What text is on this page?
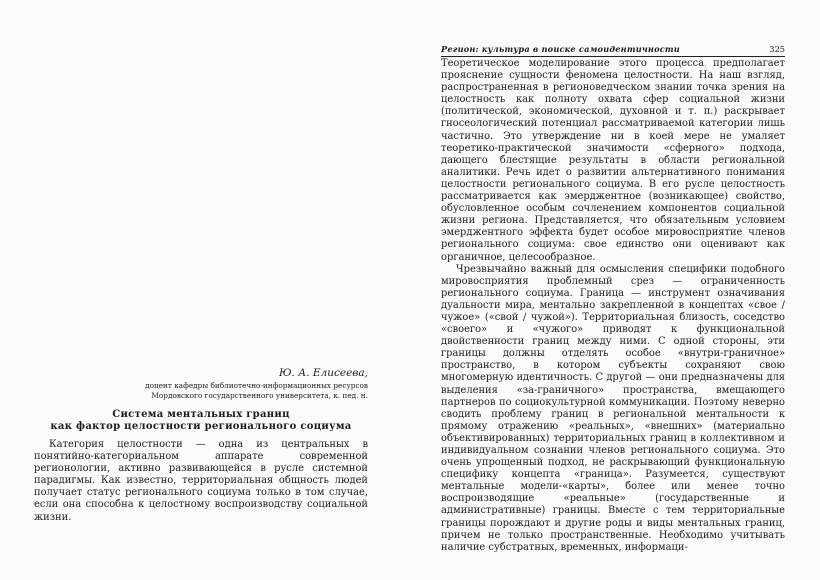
Ю. А. Елисеева,
доцент кафедры библиотечно-информационных ресурсов
Мордовского государственного университета, к. пед. н.
Система ментальных границ
как фактор целостности регионального социума

Категория целостности — одна из центральных в понятийно-категориальном аппарате современной регионологии, активно развивающейся в русле системной парадигмы. Как известно, территориальная общность людей получает статус регионального социума только в том случае, если она способна к целостному воспроизводству социальной жизни.

Регион: культура в поиске самоидентичности	325

Теоретическое моделирование этого процесса предполагает прояснение сущности феномена целостности. На наш взгляд, распространенная в регионоведческом знании точка зрения на целостность как полноту охвата сфер социальной жизни (политической, экономической, духовной и т. п.) раскрывает гносеологический потенциал рассматриваемой категории лишь частично. Это утверждение ни в коей мере не умаляет теоретико-практической значимости «сферного» подхода, дающего блестящие результаты в области региональной аналитики. Речь идет о развитии альтернативного понимания целостности регионального социума. В его русле целостность рассматривается как эмерджентное (возникающее) свойство, обусловленное особым сочленением компонентов социальной жизни региона. Представляется, что обязательным условием эмерджентного эффекта будет особое мировосприятие членов регионального социума: свое единство они оценивают как органичное, целесообразное.

Чрезвычайно важный для осмысления специфики подобного мировосприятия проблемный срез — ограниченность регионального социума. Граница — инструмент означивания дуальности мира, ментально закрепленной в концептах «свое / чужое» («свой / чужой»). Территориальная близость, соседство «своего» и «чужого» приводят к функциональной двойственности границ между ними. С одной стороны, эти границы должны отделять особое «внутри-граничное» пространство, в котором субъекты сохраняют свою многомерную идентичность. С другой — они предназначены для выделения «за-граничного» пространства, вмещающего партнеров по социокультурной коммуникации. Поэтому неверно сводить проблему границ в региональной ментальности к прямому отражению «реальных», «внешних» (материально объективированных) территориальных границ в коллективном и индивидуальном сознании членов регионального социума. Это очень упрощенный подход, не раскрывающий функциональную специфику концепта «граница». Разумеется, существуют ментальные модели-«карты», более или менее точно воспроизводящие «реальные» (государственные и административные) границы. Вместе с тем территориальные границы порождают и другие роды и виды ментальных границ, причем не только пространственные. Необходимо учитывать наличие субстратных, временных, информаци-
